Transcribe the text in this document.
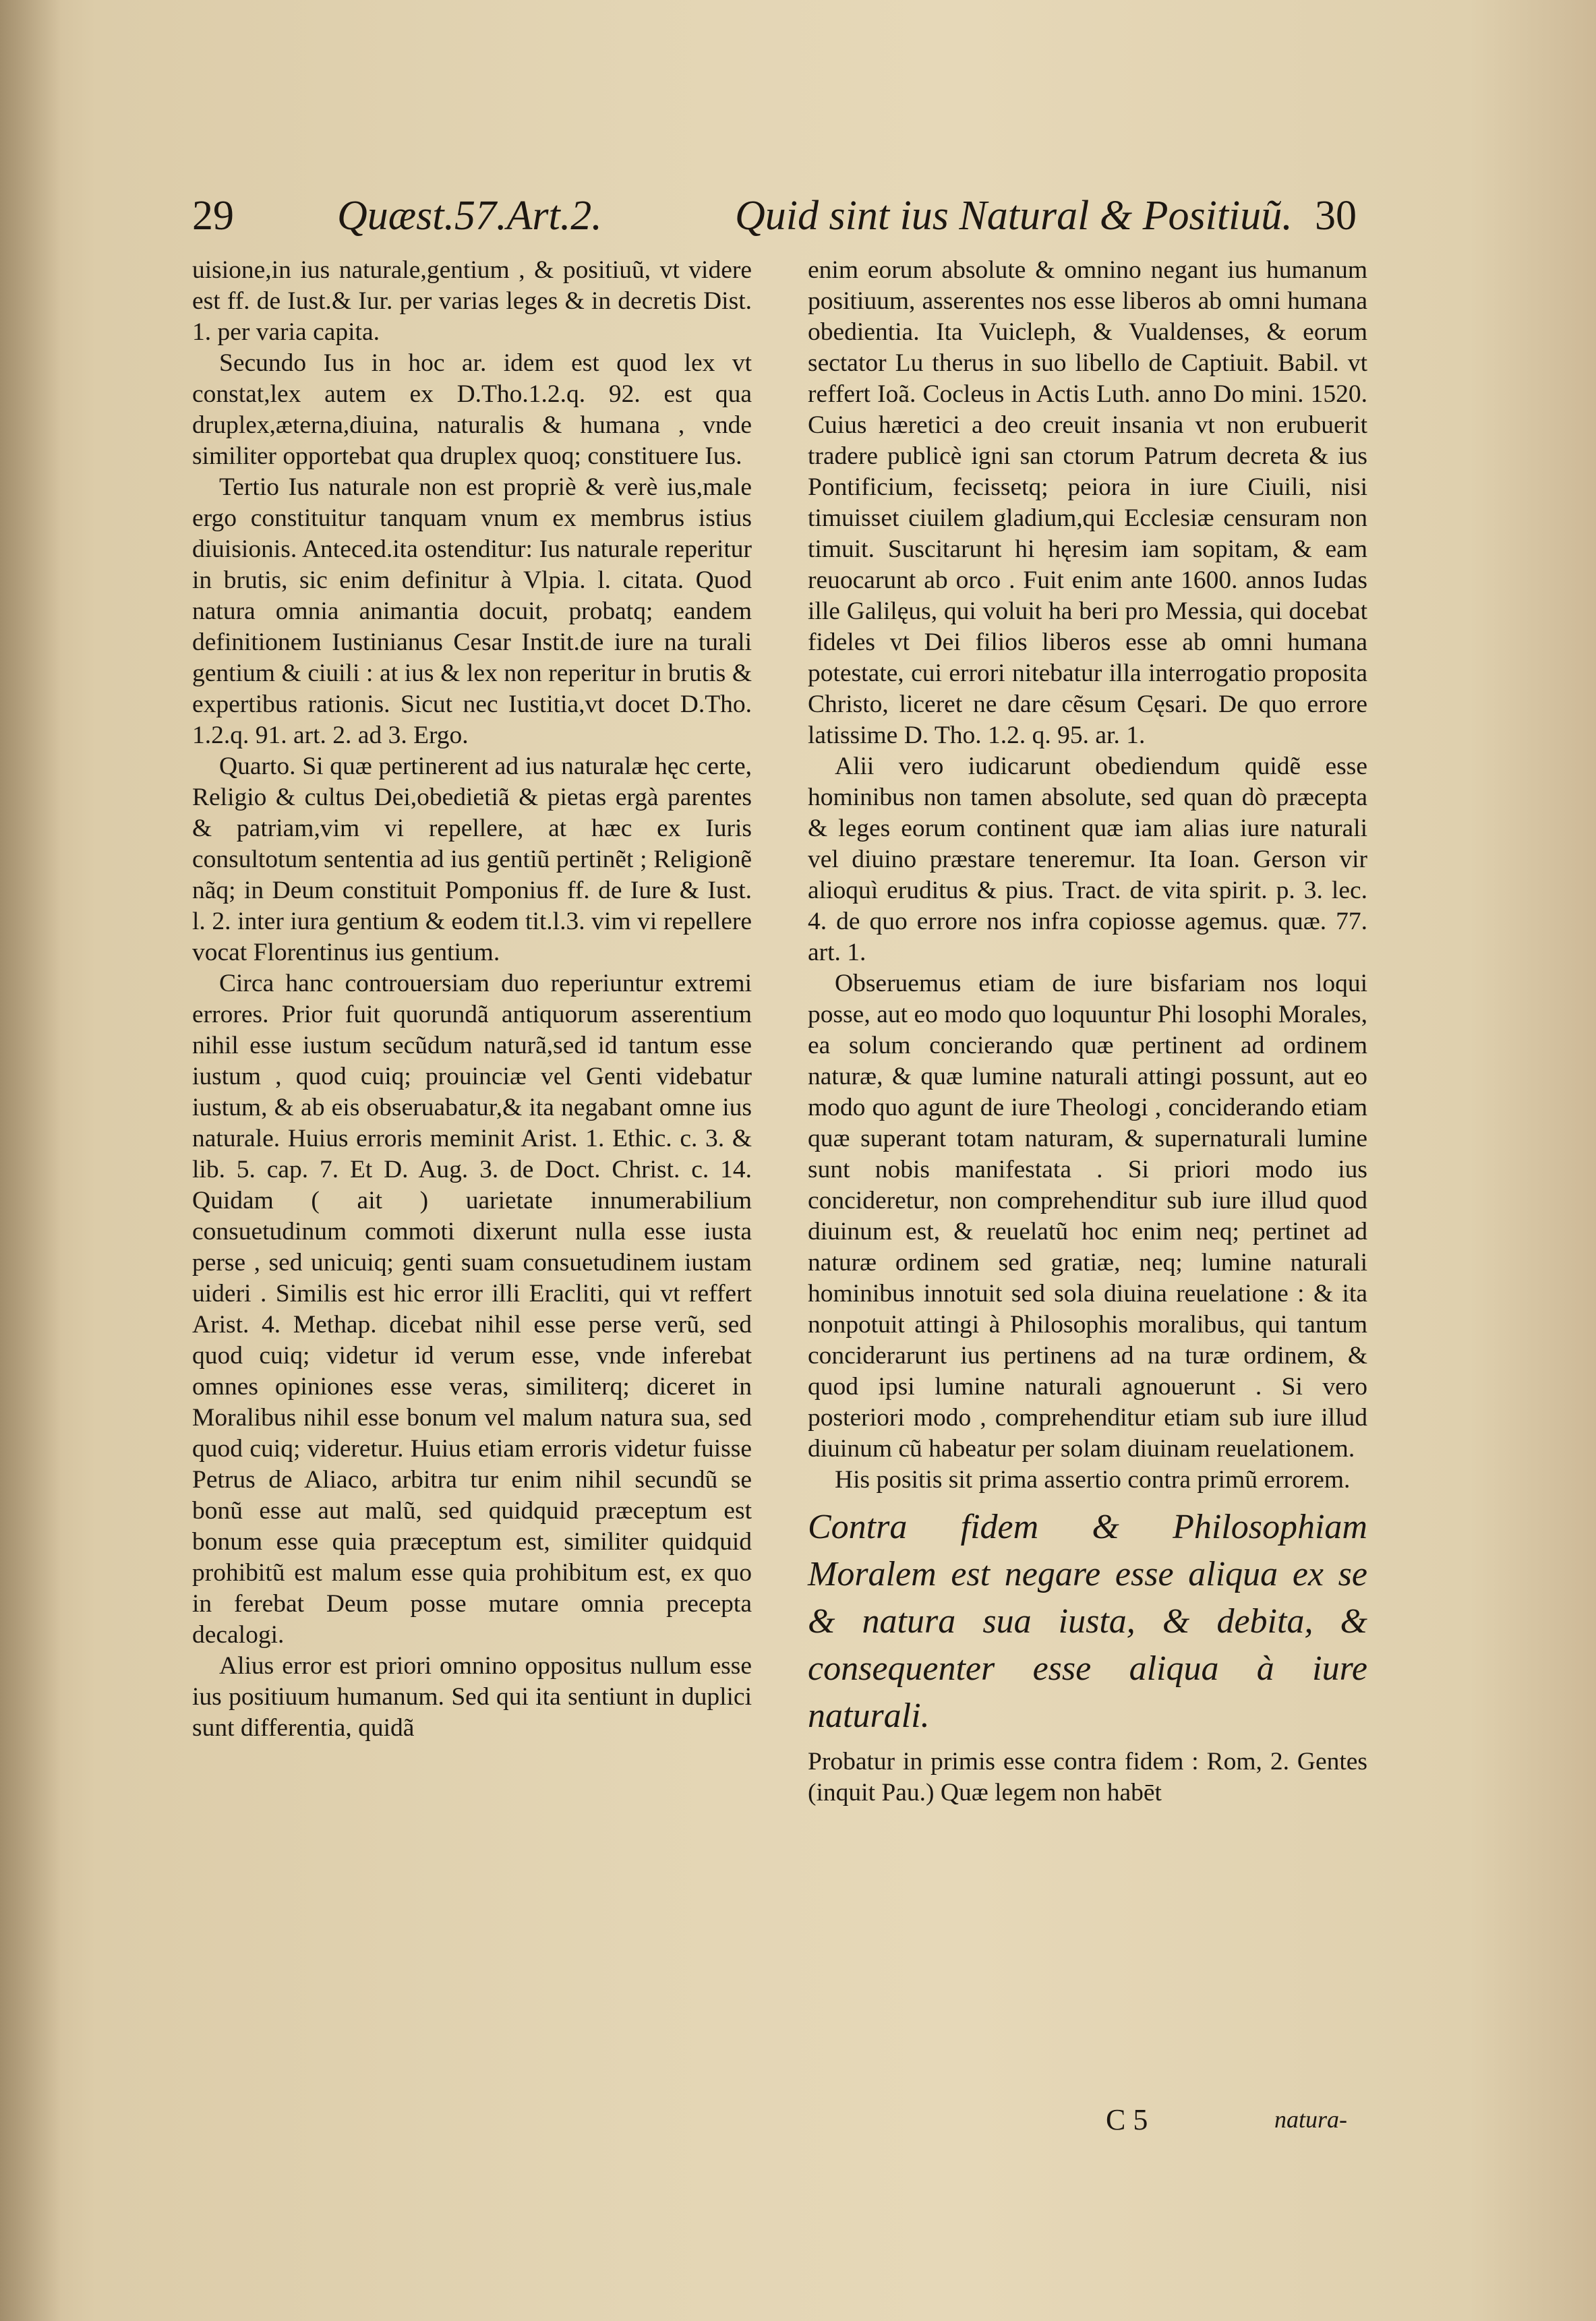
29 Quæst.57.Art.2.	Quid sint ius Natural & Positiuũ. 30

uisione,in ius naturale,gentium , & positiuũ, vt videre est ff. de Iust.& Iur. per varias leges & in decretis Dist. 1. per varia capita.

Secundo Ius in hoc ar. idem est quod lex vt constat,lex autem ex D.Tho.1.2.q. 92. est qua druplex,æterna,diuina, naturalis & humana , vnde similiter opportebat qua druplex quoq; constituere Ius.

Tertio Ius naturale non est propriè & verè ius,male ergo constituitur tanquam vnum ex membrus istius diuisionis. Anteced.ita ostenditur: Ius naturale reperitur in brutis, sic enim definitur à Vlpia. l. citata. Quod natura omnia animantia docuit, probatq; eandem definitionem Iustinianus Cesar Instit.de iure na turali gentium & ciuili : at ius & lex non reperitur in brutis & expertibus rationis. Sicut nec Iustitia,vt docet D.Tho. 1.2.q. 91. art. 2. ad 3. Ergo.

Quarto. Si quæ pertinerent ad ius naturalæ hęc certe, Religio & cultus Dei,obedietiã & pietas ergà parentes & patriam,vim vi repellere, at hæc ex Iuris consultotum sententia ad ius gentiũ pertinẽt ; Religionẽ nãq; in Deum constituit Pomponius ff. de Iure & Iust. l. 2. inter iura gentium & eodem tit.l.3. vim vi repellere vocat Florentinus ius gentium.

Circa hanc controuersiam duo reperiuntur extremi errores. Prior fuit quorundã antiquorum asserentium nihil esse iustum secũdum naturã,sed id tantum esse iustum , quod cuiq; prouinciæ vel Genti videbatur iustum, & ab eis obseruabatur,& ita negabant omne ius naturale. Huius erroris meminit Arist. 1. Ethic. c. 3. & lib. 5. cap. 7. Et D. Aug. 3. de Doct. Christ. c. 14. Quidam ( ait ) uarietate innumerabilium consuetudinum commoti dixerunt nulla esse iusta perse , sed unicuiq; genti suam consuetudinem iustam uideri . Similis est hic error illi Eracliti, qui vt reffert Arist. 4. Methap. dicebat nihil esse perse verũ, sed quod cuiq; videtur id verum esse, vnde inferebat omnes opiniones esse veras, similiterq; diceret in Moralibus nihil esse bonum vel malum natura sua, sed quod cuiq; videretur. Huius etiam erroris videtur fuisse Petrus de Aliaco, arbitra tur enim nihil secundũ se bonũ esse aut malũ, sed quidquid præceptum est bonum esse quia præceptum est, similiter quidquid prohibitũ est malum esse quia prohibitum est, ex quo in ferebat Deum posse mutare omnia precepta decalogi.

Alius error est priori omnino oppositus nullum esse ius positiuum humanum. Sed qui ita sentiunt in duplici sunt differentia, quidã

enim eorum absolute & omnino negant ius humanum positiuum, asserentes nos esse liberos ab omni humana obedientia. Ita Vuicleph, & Vualdenses, & eorum sectator Lu therus in suo libello de Captiuit. Babil. vt reffert Ioã. Cocleus in Actis Luth. anno Do mini. 1520. Cuius hæretici a deo creuit insania vt non erubuerit tradere publicè igni san ctorum Patrum decreta & ius Pontificium, fecissetq; peiora in iure Ciuili, nisi timuisset ciuilem gladium,qui Ecclesiæ censuram non timuit. Suscitarunt hi hęresim iam sopitam, & eam reuocarunt ab orco . Fuit enim ante 1600. annos Iudas ille Galilęus, qui voluit ha beri pro Messia, qui docebat fideles vt Dei filios liberos esse ab omni humana potestate, cui errori nitebatur illa interrogatio proposita Christo, liceret ne dare cẽsum Cęsari. De quo errore latissime D. Tho. 1.2. q. 95. ar. 1.

Alii vero iudicarunt obediendum quidẽ esse hominibus non tamen absolute, sed quan dò præcepta & leges eorum continent quæ iam alias iure naturali vel diuino præstare teneremur. Ita Ioan. Gerson vir alioquì eruditus & pius. Tract. de vita spirit. p. 3. lec. 4. de quo errore nos infra copiosse agemus. quæ. 77. art. 1.

Obseruemus etiam de iure bisfariam nos loqui posse, aut eo modo quo loquuntur Phi losophi Morales, ea solum concierando quæ pertinent ad ordinem naturæ, & quæ lumine naturali attingi possunt, aut eo modo quo agunt de iure Theologi , conciderando etiam quæ superant totam naturam, & supernaturali lumine sunt nobis manifestata . Si priori modo ius concideretur, non comprehenditur sub iure illud quod diuinum est, & reuelatũ hoc enim neq; pertinet ad naturæ ordinem sed gratiæ, neq; lumine naturali hominibus innotuit sed sola diuina reuelatione : & ita nonpotuit attingi à Philosophis moralibus, qui tantum conciderarunt ius pertinens ad na turæ ordinem, & quod ipsi lumine naturali agnouerunt . Si vero posteriori modo , comprehenditur etiam sub iure illud diuinum cũ habeatur per solam diuinam reuelationem.

His positis sit prima assertio contra primũ errorem.

Contra fidem & Philosophiam Moralem est negare esse aliqua ex se & natura sua iusta, & debita, & consequenter esse aliqua à iure naturali.

Probatur in primis esse contra fidem : Rom, 2. Gentes (inquit Pau.) Quæ legem non habēt

C 5	natura-
